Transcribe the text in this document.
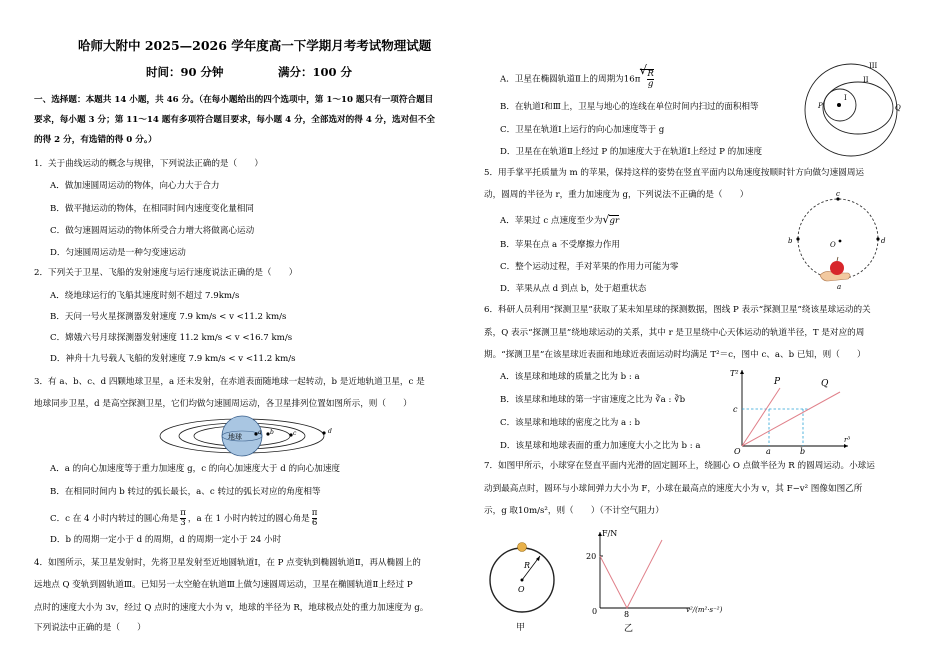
哈师大附中 2025—2026 学年度高一下学期月考考试物理试题
时间：90 分钟	满分：100 分
一、选择题：本题共 14 小题，共 46 分。（在每小题给出的四个选项中，第 1～10 题只有一项符合题目
要求，每小题 3 分；第 11～14 题有多项符合题目要求，每小题 4 分，全部选对的得 4 分，选对但不全
的得 2 分，有选错的得 0 分。）
1．关于曲线运动的概念与规律，下列说法正确的是（　　）
A．做加速圆周运动的物体，向心力大于合力
B．做平抛运动的物体，在相同时间内速度变化量相同
C．做匀速圆周运动的物体所受合力增大将做离心运动
D．匀速圆周运动是一种匀变速运动
2．下列关于卫星、飞船的发射速度与运行速度说法正确的是（　　）
A．绕地球运行的飞船其速度时刻不超过 7.9km/s
B．天问一号火星探测器发射速度 7.9 km/s < v <11.2 km/s
C．嫦娥六号月球探测器发射速度 11.2 km/s < v <16.7 km/s
D．神舟十九号载人飞船的发射速度 7.9 km/s < v <11.2 km/s
3．有 a、b、c、d 四颗地球卫星，a 还未发射，在赤道表面随地球一起转动，b 是近地轨道卫星，c 是
地球同步卫星，d 是高空探测卫星，它们均做匀速圆周运动，各卫星排列位置如图所示，则（　　）
地球
a b	c	d
A．a 的向心加速度等于重力加速度 g，c 的向心加速度大于 d 的向心加速度
B．在相同时间内 b 转过的弧长最长，a、c 转过的弧长对应的角度相等
C．c 在 4 小时内转过的圆心角是 $\frac{\pi}{3}$ ，a 在 1 小时内转过的圆心角是 $\frac{\pi}{6}$
D．b 的周期一定小于 d 的周期，d 的周期一定小于 24 小时
4．如图所示，某卫星发射时，先将卫星发射至近地圆轨道Ⅰ，在 P 点变轨到椭圆轨道Ⅱ，再从椭圆上的
远地点 Q 变轨到圆轨道Ⅲ。已知另一太空舱在轨道Ⅲ上做匀速圆周运动，卫星在椭圆轨道Ⅱ上经过 P
点时的速度大小为 3v，经过 Q 点时的速度大小为 v，地球的半径为 R，地球极点处的重力加速度为 g。
下列说法中正确的是（　　）
A．卫星在椭圆轨道Ⅱ上的周期为16π
√ R
g
B．在轨道Ⅰ和Ⅲ上，卫星与地心的连线在单位时间内扫过的面积相等
C．卫星在轨道Ⅰ上运行的向心加速度等于 g
D．卫星在在轨道Ⅱ上经过 P 的加速度大于在轨道Ⅰ上经过 P 的加速度
III
II
I
P	Q
5．用手掌平托质量为 m 的苹果，保持这样的姿势在竖直平面内以角速度按顺时针方向做匀速圆周运
动，圆周的半径为 r，重力加速度为 g，下列说法不正确的是（　　）
A．苹果过 c 点速度至少为√gr
B．苹果在点 a 不受摩擦力作用
C．整个运动过程，手对苹果的作用力可能为零
D．苹果从点 d 到点 b，处于超重状态
c
b	d
O
a
6．科研人员利用“探测卫星”获取了某未知星球的探测数据，图线 P 表示“探测卫星”绕该星球运动的关
系，Q 表示“探测卫星”绕地球运动的关系，其中 r 是卫星绕中心天体运动的轨道半径，T 是对应的周
期。“探测卫星”在该星球近表面和地球近表面运动时均满足 T²＝c，图中 c、a、b 已知，则（　　）
A．该星球和地球的质量之比为 b : a
B．该星球和地球的第一宇宙速度之比为 ∛a : ∛b
C．该星球和地球的密度之比为 a : b
D．该星球和地球表面的重力加速度大小之比为 b : a
T²
r³
P	Q
c
O	a	b
7．如图甲所示，小球穿在竖直平面内光滑的固定圆环上，绕圆心 O 点做半径为 R 的圆周运动。小球运
动到最高点时，圆环与小球间弹力大小为 F，小球在最高点的速度大小为 v，其 F−v² 图像如图乙所
示，g 取10m/s²，则（　　）（不计空气阻力）
R
O
甲
F/N
20
0	8	v²/(m²·s⁻²)
乙
